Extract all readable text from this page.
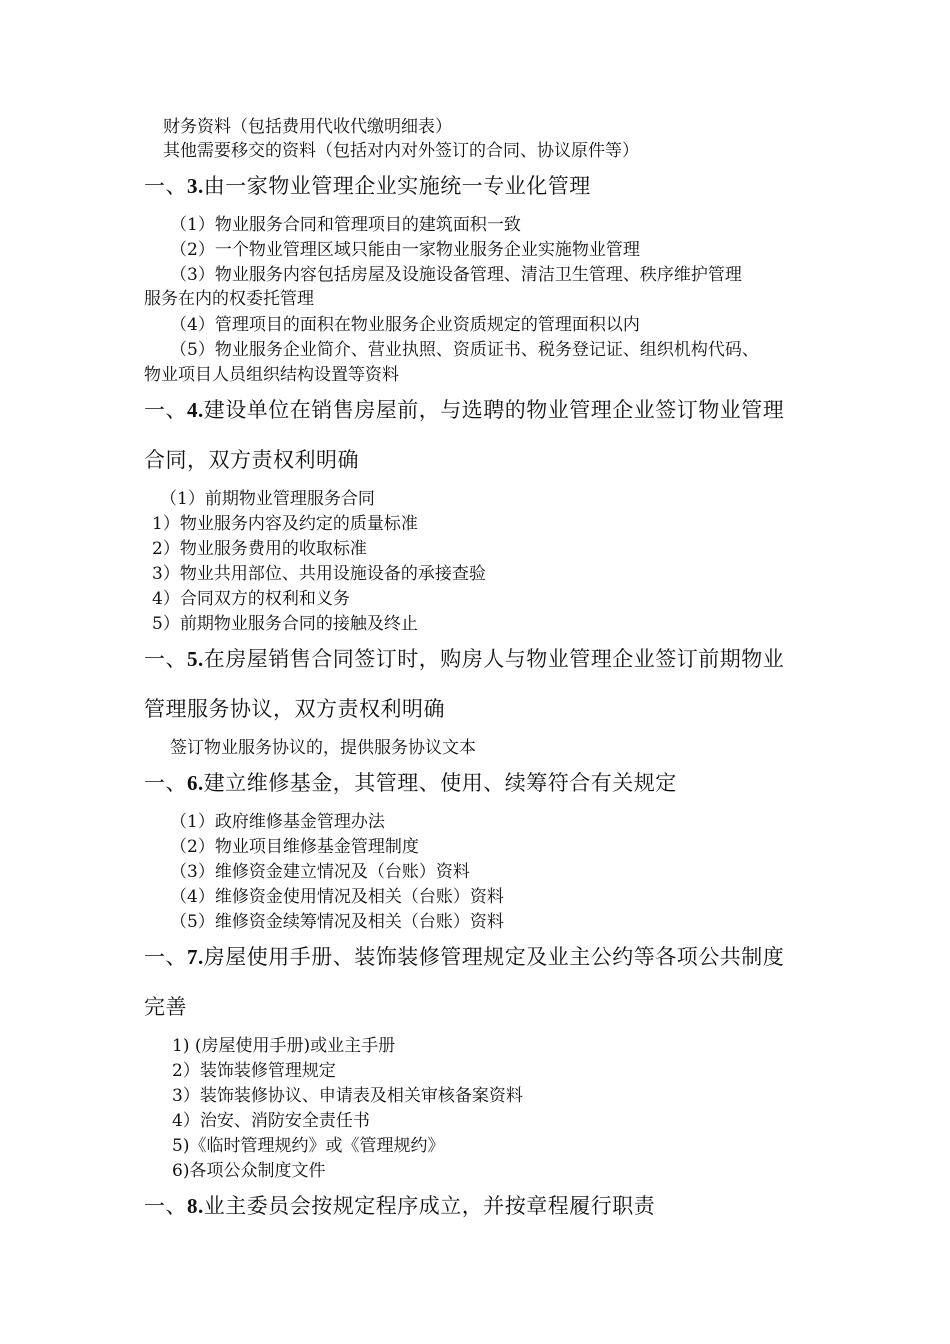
财务资料（包括费用代收代缴明细表）
其他需要移交的资料（包括对内对外签订的合同、协议原件等）
一、3.由一家物业管理企业实施统一专业化管理
（1）物业服务合同和管理项目的建筑面积一致
（2）一个物业管理区域只能由一家物业服务企业实施物业管理
（3）物业服务内容包括房屋及设施设备管理、清洁卫生管理、秩序维护管理
服务在内的权委托管理
（4）管理项目的面积在物业服务企业资质规定的管理面积以内
（5）物业服务企业简介、营业执照、资质证书、税务登记证、组织机构代码、
物业项目人员组织结构设置等资料
一、4.建设单位在销售房屋前，与选聘的物业管理企业签订物业管理
合同，双方责权利明确
（1）前期物业管理服务合同
1）物业服务内容及约定的质量标准
2）物业服务费用的收取标准
3）物业共用部位、共用设施设备的承接查验
4）合同双方的权利和义务
5）前期物业服务合同的接触及终止
一、5.在房屋销售合同签订时，购房人与物业管理企业签订前期物业
管理服务协议，双方责权利明确
签订物业服务协议的，提供服务协议文本
一、6.建立维修基金，其管理、使用、续筹符合有关规定
（1）政府维修基金管理办法
（2）物业项目维修基金管理制度
（3）维修资金建立情况及（台账）资料
（4）维修资金使用情况及相关（台账）资料
（5）维修资金续筹情况及相关（台账）资料
一、7.房屋使用手册、装饰装修管理规定及业主公约等各项公共制度
完善
1) (房屋使用手册)或业主手册
2）装饰装修管理规定
3）装饰装修协议、申请表及相关审核备案资料
4）治安、消防安全责任书
5)《临时管理规约》或《管理规约》
6)各项公众制度文件
一、8.业主委员会按规定程序成立，并按章程履行职责
